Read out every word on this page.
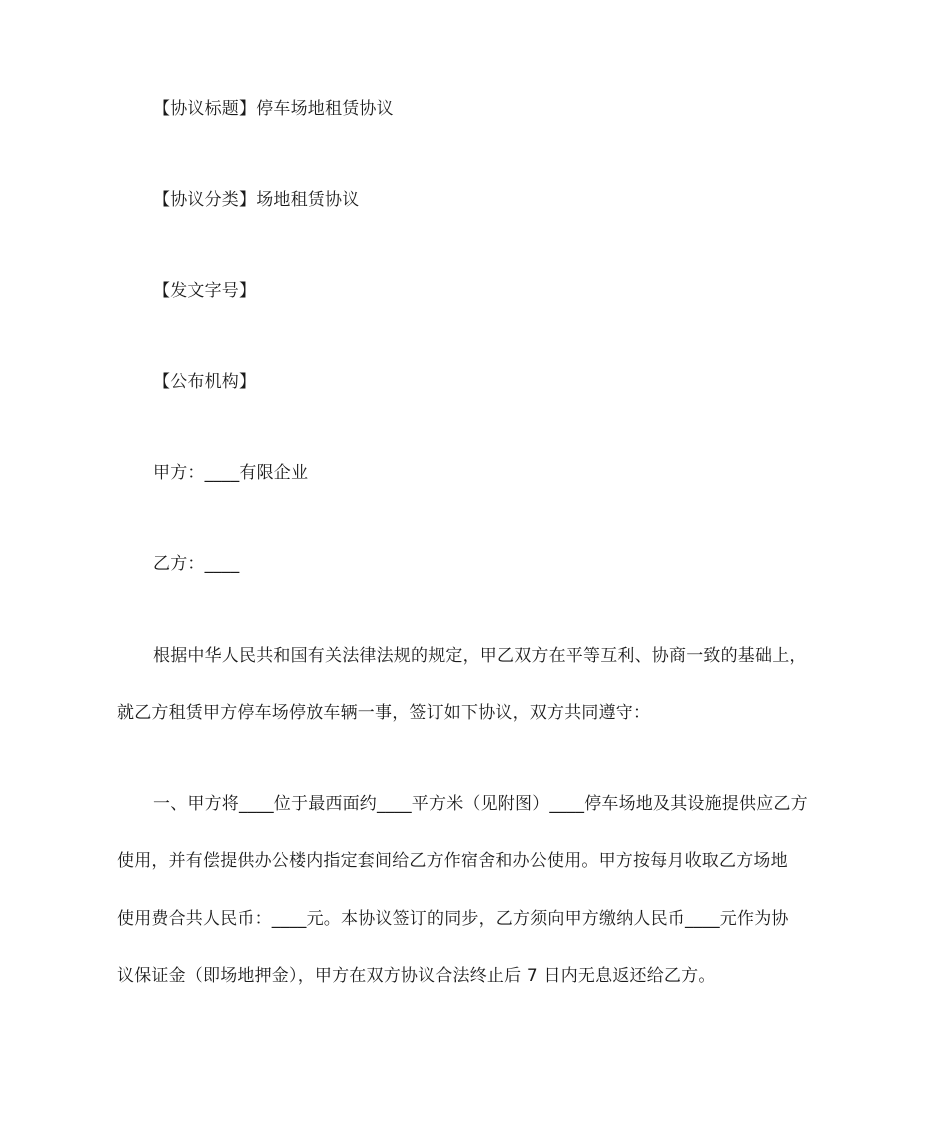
【协议标题】停车场地租赁协议
【协议分类】场地租赁协议
【发文字号】
【公布机构】
甲方：____有限企业
乙方：____
根据中华人民共和国有关法律法规的规定，甲乙双方在平等互利、协商一致的基础上，
就乙方租赁甲方停车场停放车辆一事，签订如下协议，双方共同遵守：
一、甲方将____位于最西面约____平方米（见附图）____停车场地及其设施提供应乙方
使用，并有偿提供办公楼内指定套间给乙方作宿舍和办公使用。甲方按每月收取乙方场地
使用费合共人民币：____元。本协议签订的同步，乙方须向甲方缴纳人民币____元作为协
议保证金（即场地押金），甲方在双方协议合法终止后 7 日内无息返还给乙方。
